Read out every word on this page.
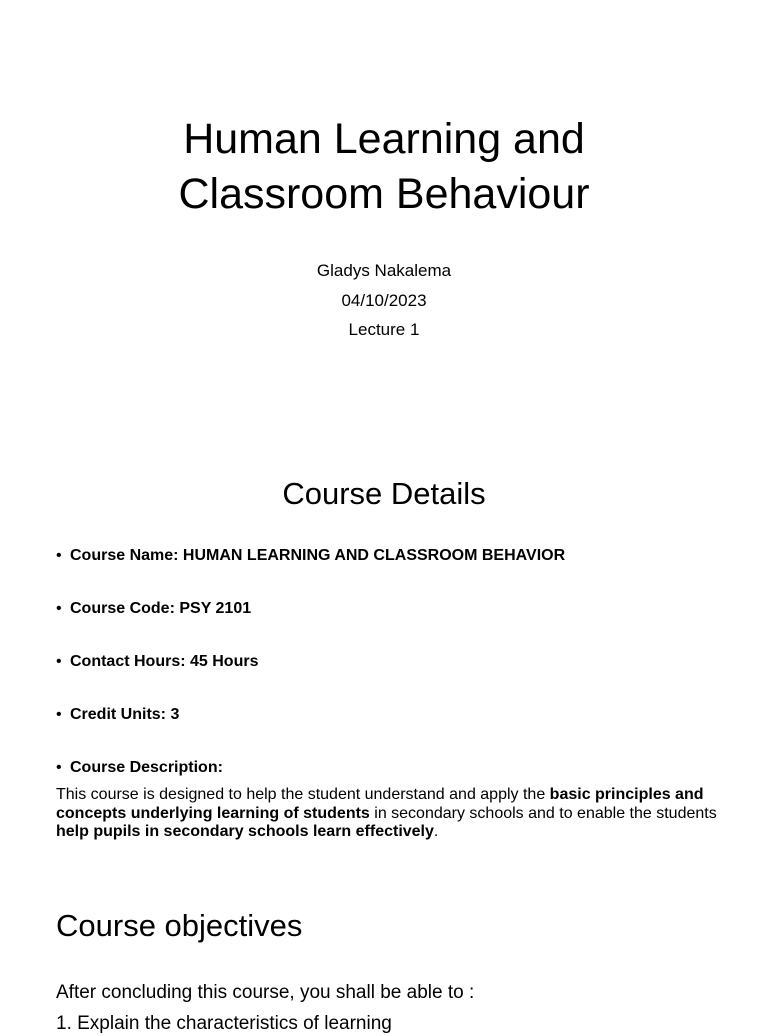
Human Learning and
Classroom Behaviour
Gladys Nakalema
04/10/2023
Lecture 1
Course Details
• Course Name: HUMAN LEARNING AND CLASSROOM BEHAVIOR
• Course Code: PSY 2101
• Contact Hours: 45 Hours
• Credit Units: 3
• Course Description:
This course is designed to help the student understand and apply the basic principles and concepts underlying learning of students in secondary schools and to enable the students help pupils in secondary schools learn effectively.
Course objectives
After concluding this course, you shall be able to :
1. Explain the characteristics of learning
